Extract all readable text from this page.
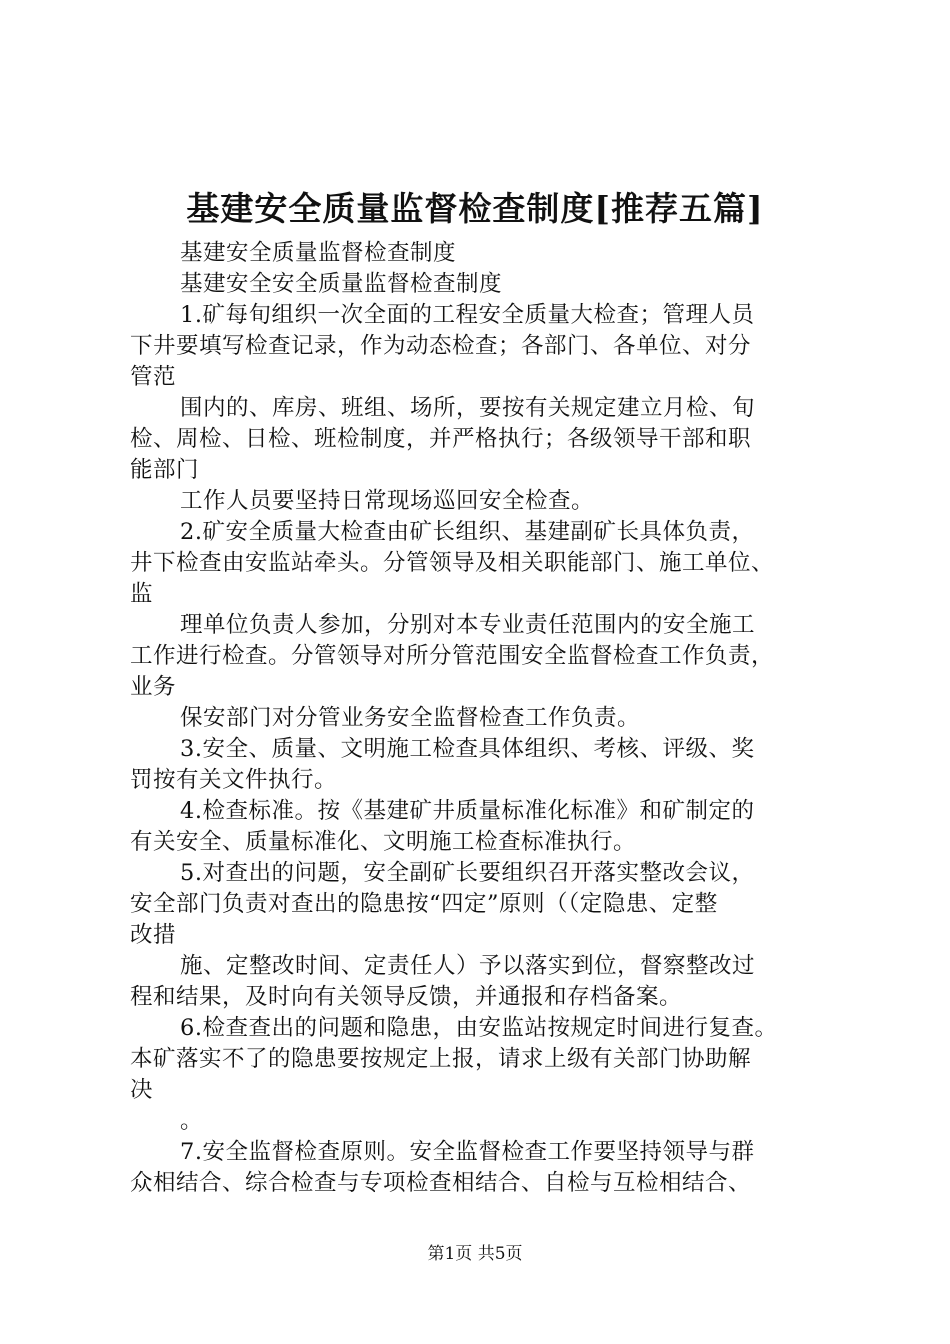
基建安全质量监督检查制度[推荐五篇]
基建安全质量监督检查制度
基建安全安全质量监督检查制度
1.矿每旬组织一次全面的工程安全质量大检查；管理人员
下井要填写检查记录，作为动态检查；各部门、各单位、对分
管范
围内的、库房、班组、场所，要按有关规定建立月检、旬
检、周检、日检、班检制度，并严格执行；各级领导干部和职
能部门
工作人员要坚持日常现场巡回安全检查。
2.矿安全质量大检查由矿长组织、基建副矿长具体负责，
井下检查由安监站牵头。分管领导及相关职能部门、施工单位、
监
理单位负责人参加，分别对本专业责任范围内的安全施工
工作进行检查。分管领导对所分管范围安全监督检查工作负责，
业务
保安部门对分管业务安全监督检查工作负责。
3.安全、质量、文明施工检查具体组织、考核、评级、奖
罚按有关文件执行。
4.检查标准。按《基建矿井质量标准化标准》和矿制定的
有关安全、质量标准化、文明施工检查标准执行。
5.对查出的问题，安全副矿长要组织召开落实整改会议，
安全部门负责对查出的隐患按“四定”原则（（定隐患、定整
改措
施、定整改时间、定责任人）予以落实到位，督察整改过
程和结果，及时向有关领导反馈，并通报和存档备案。
6.检查查出的问题和隐患，由安监站按规定时间进行复查。
本矿落实不了的隐患要按规定上报，请求上级有关部门协助解
决
。
7.安全监督检查原则。安全监督检查工作要坚持领导与群
众相结合、综合检查与专项检查相结合、自检与互检相结合、
第1页 共5页
